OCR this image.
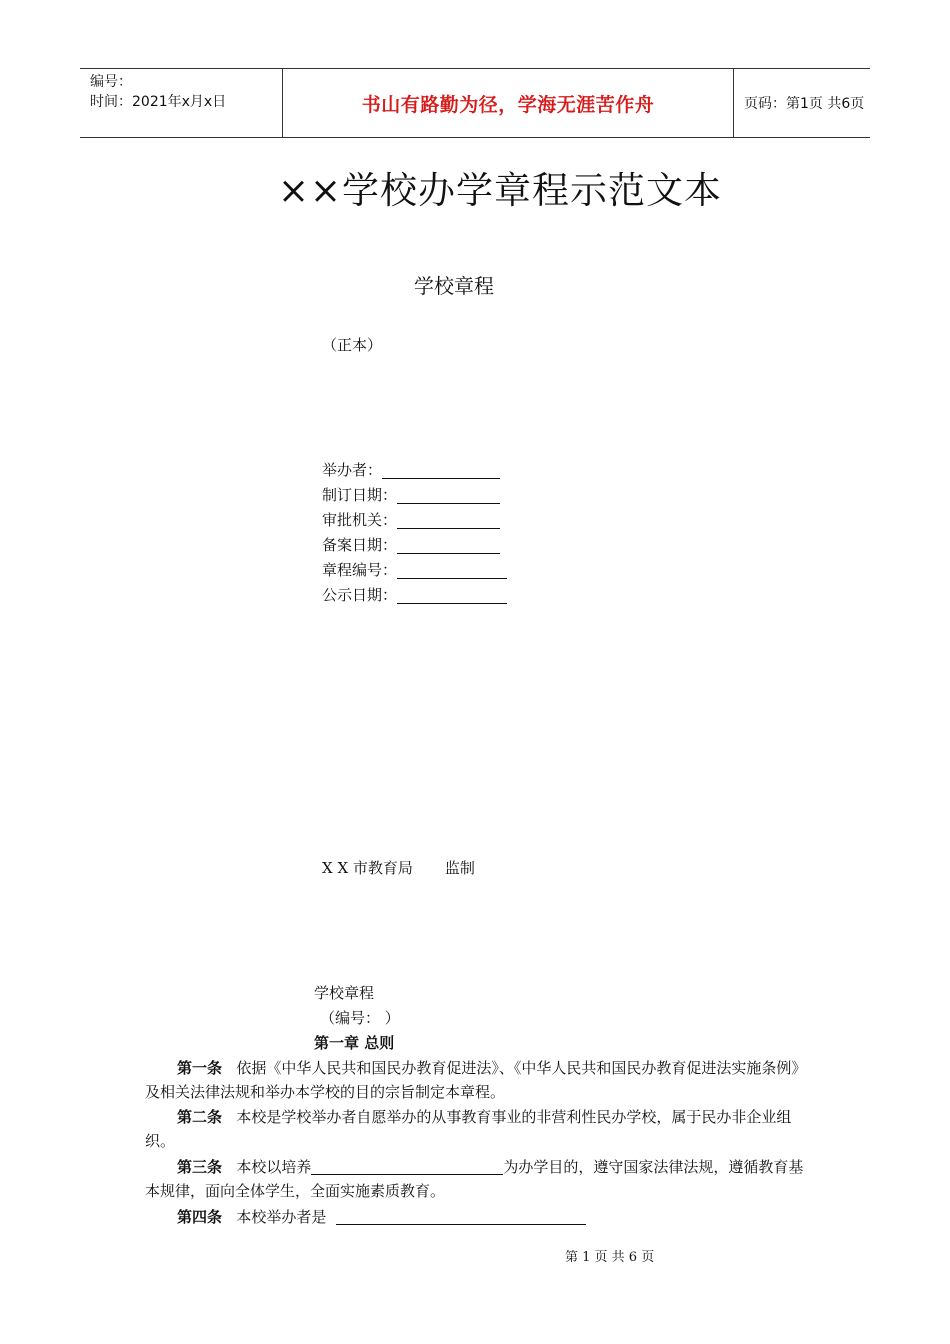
编号：
时间：2021年x月x日	书山有路勤为径，学海无涯苦作舟	页码：第1页 共6页
××学校办学章程示范文本
学校章程
（正本）
举办者：
制订日期：
审批机关：
备案日期：
章程编号：
公示日期：
X X 市教育局 监制
学校章程
（编号： ）
第一章 总则
第一条 依据《中华人民共和国民办教育促进法》、《中华人民共和国民办教育促进法实施条例》及相关法律法规和举办本学校的目的宗旨制定本章程。
第二条 本校是学校举办者自愿举办的从事教育事业的非营利性民办学校，属于民办非企业组织。
第三条 本校以培养	为办学目的，遵守国家法律法规，遵循教育基本规律，面向全体学生，全面实施素质教育。
第四条 本校举办者是
第 1 页 共 6 页
